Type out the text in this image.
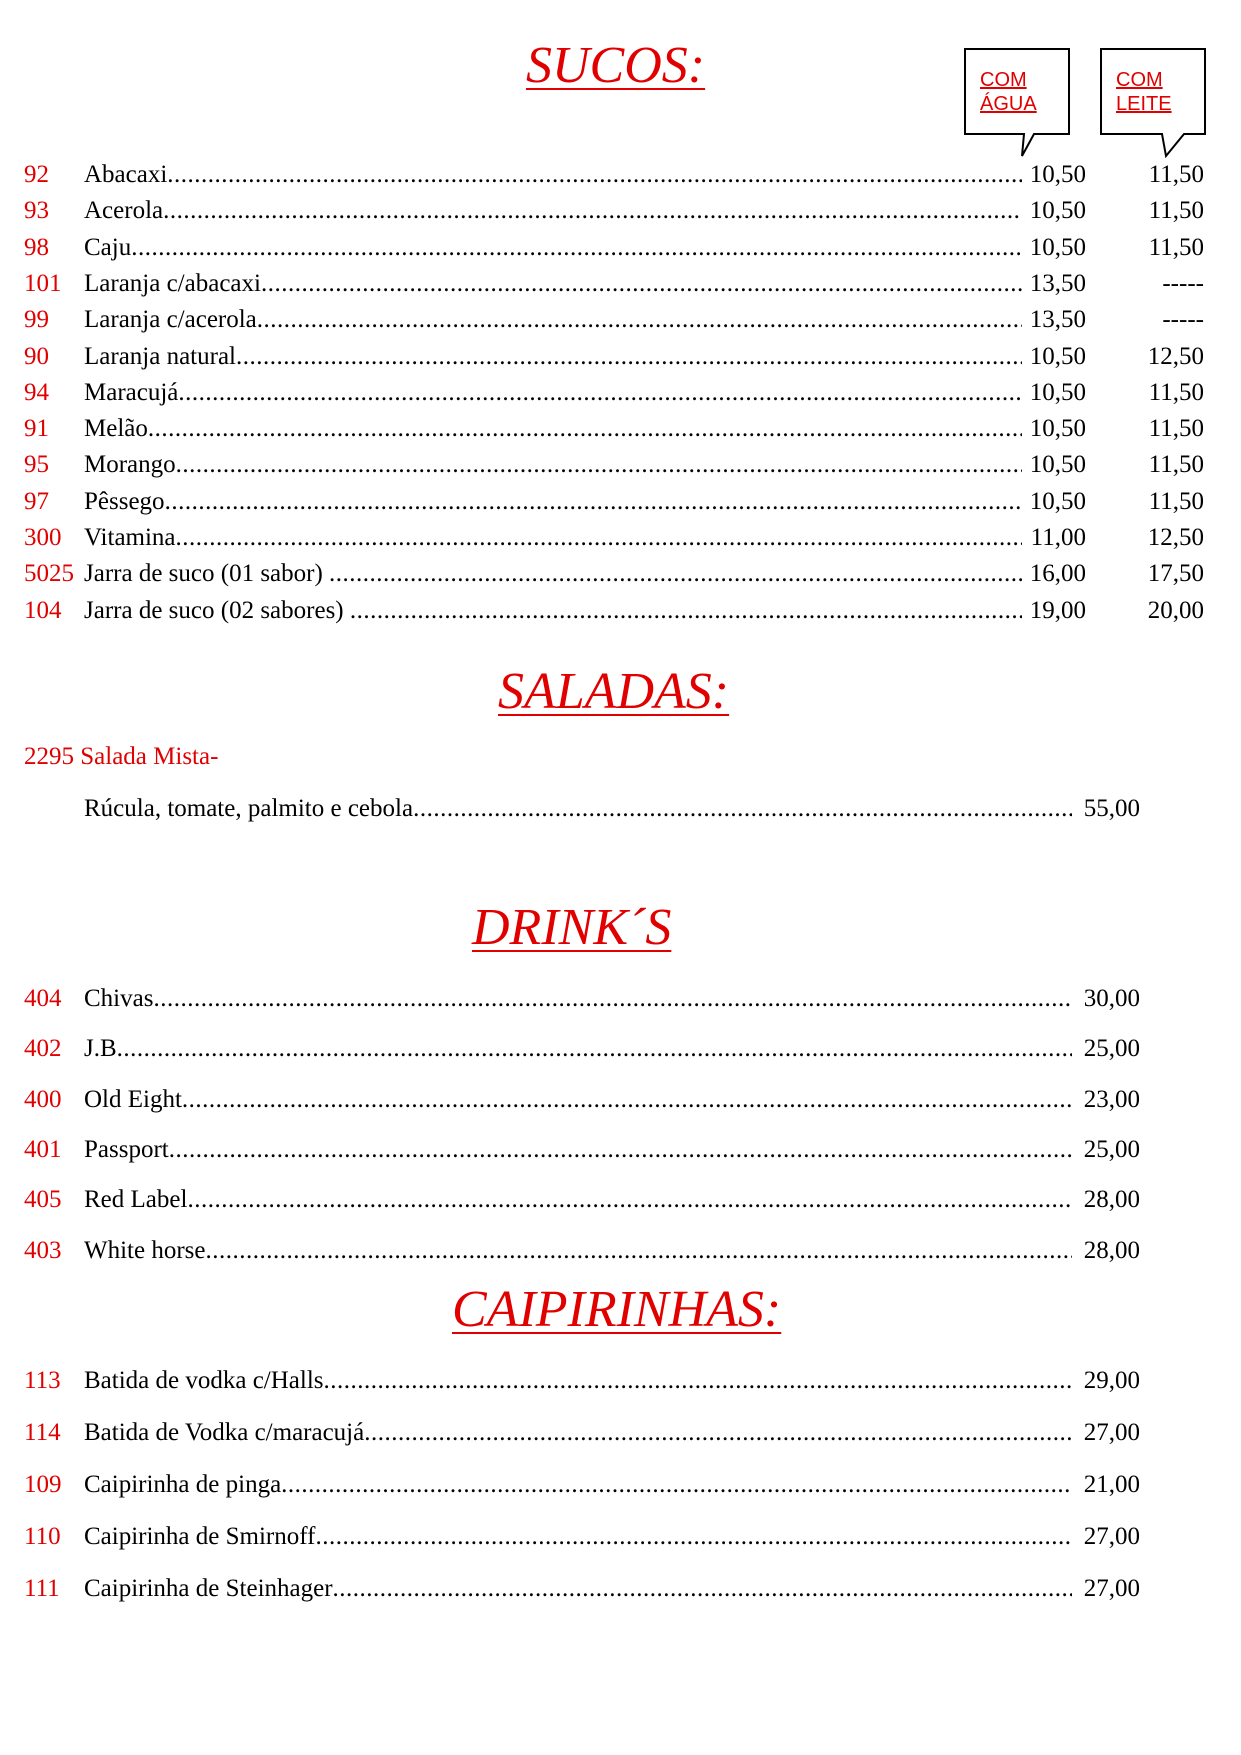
SUCOS:	COM
ÁGUA
COM
LEITE
92 Abacaxi .....	10,50	11,50
93 Acerola .....	10,50	11,50
98 Caju .....	10,50	11,50
101 Laranja c/abacaxi .....	13,50	-----
99 Laranja c/acerola .....	13,50	-----
90 Laranja natural .....	10,50 12,50
94 Maracujá .....	10,50	11,50
91 Melão .....	10,50	11,50
95 Morango .....	10,50	11,50
97 Pêssego .....	10,50	11,50
300 Vitamina .....	11,00 12,50
5025 Jarra de suco (01 sabor) .....	16,00 17,50
104 Jarra de suco (02 sabores) .....	19,00 20,00
SALADAS:
2295 Salada Mista-
Rúcula, tomate, palmito e cebola .....	55,00
DRINK´S
404 Chivas .....	30,00
402 J.B .....	25,00
400 Old Eight .....	23,00
401 Passport .....	25,00
405 Red Label .....	28,00
403 White horse .....	28,00
CAIPIRINHAS:
113 Batida de vodka c/Halls .....	29,00
114 Batida de Vodka c/maracujá .....	27,00
109 Caipirinha de pinga .....	21,00
110 Caipirinha de Smirnoff .....	27,00
111 Caipirinha de Steinhager .....	27,00
